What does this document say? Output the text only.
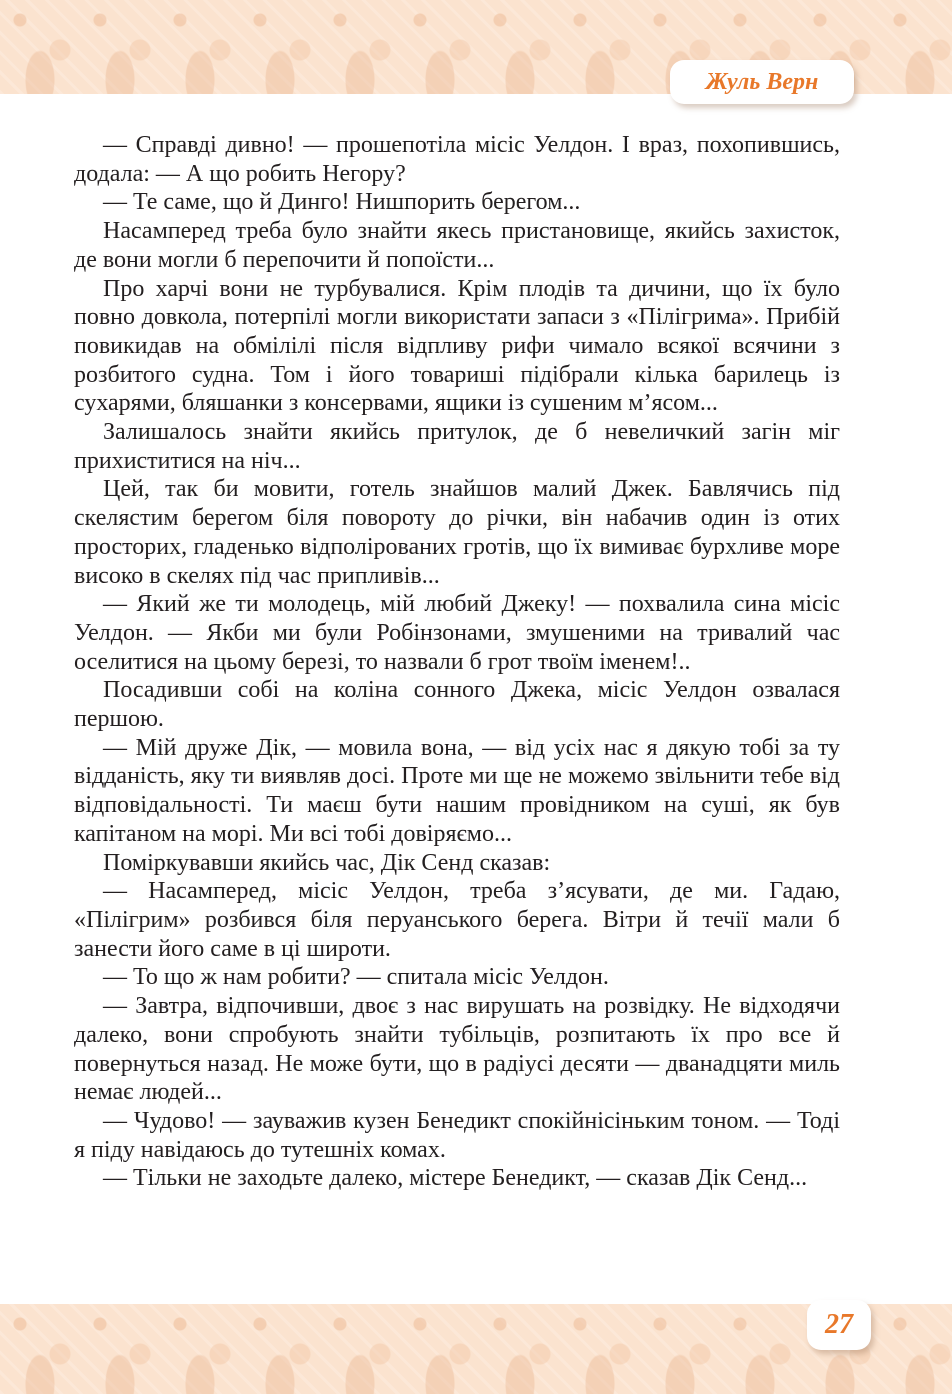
Жуль Верн

— Справді дивно! — прошепотіла місіс Уелдон. І враз, похопившись, додала: — А що робить Негору?

— Те саме, що й Динго! Нишпорить берегом...

Насамперед треба було знайти якесь пристановище, якийсь захисток, де вони могли б перепочити й попоїсти...

Про харчі вони не турбувалися. Крім плодів та дичини, що їх було повно довкола, потерпілі могли використати запаси з «Пілігрима». Прибій повикидав на обмілілі після відпливу рифи чимало всякої всячини з розбитого судна. Том і його товариші підібрали кілька барилець із сухарями, бляшанки з консервами, ящики із сушеним м’ясом...

Залишалось знайти якийсь притулок, де б невеличкий загін міг прихиститися на ніч...

Цей, так би мовити, готель знайшов малий Джек. Бавлячись під скелястим берегом біля повороту до річки, він набачив один із отих просторих, гладенько відполірованих гротів, що їх вимиває бурхливе море високо в скелях під час припливів...

— Який же ти молодець, мій любий Джеку! — похвалила сина місіс Уелдон. — Якби ми були Робінзонами, змушеними на тривалий час оселитися на цьому березі, то назвали б грот твоїм іменем!..

Посадивши собі на коліна сонного Джека, місіс Уелдон озвалася першою.

— Мій друже Дік, — мовила вона, — від усіх нас я дякую тобі за ту відданість, яку ти виявляв досі. Проте ми ще не можемо звільнити тебе від відповідальності. Ти маєш бути нашим провідником на суші, як був капітаном на морі. Ми всі тобі довіряємо...

Поміркувавши якийсь час, Дік Сенд сказав:

— Насамперед, місіс Уелдон, треба з’ясувати, де ми. Гадаю, «Пілігрим» розбився біля перуанського берега. Вітри й течії мали б занести його саме в ці широти.

— То що ж нам робити? — спитала місіс Уелдон.

— Завтра, відпочивши, двоє з нас вирушать на розвідку. Не відходячи далеко, вони спробують знайти тубільців, розпитають їх про все й повернуться назад. Не може бути, що в радіусі десяти — дванадцяти миль немає людей...

— Чудово! — зауважив кузен Бенедикт спокійнісіньким тоном. — Тоді я піду навідаюсь до тутешніх комах.

— Тільки не заходьте далеко, містере Бенедикт, — сказав Дік Сенд...

27
